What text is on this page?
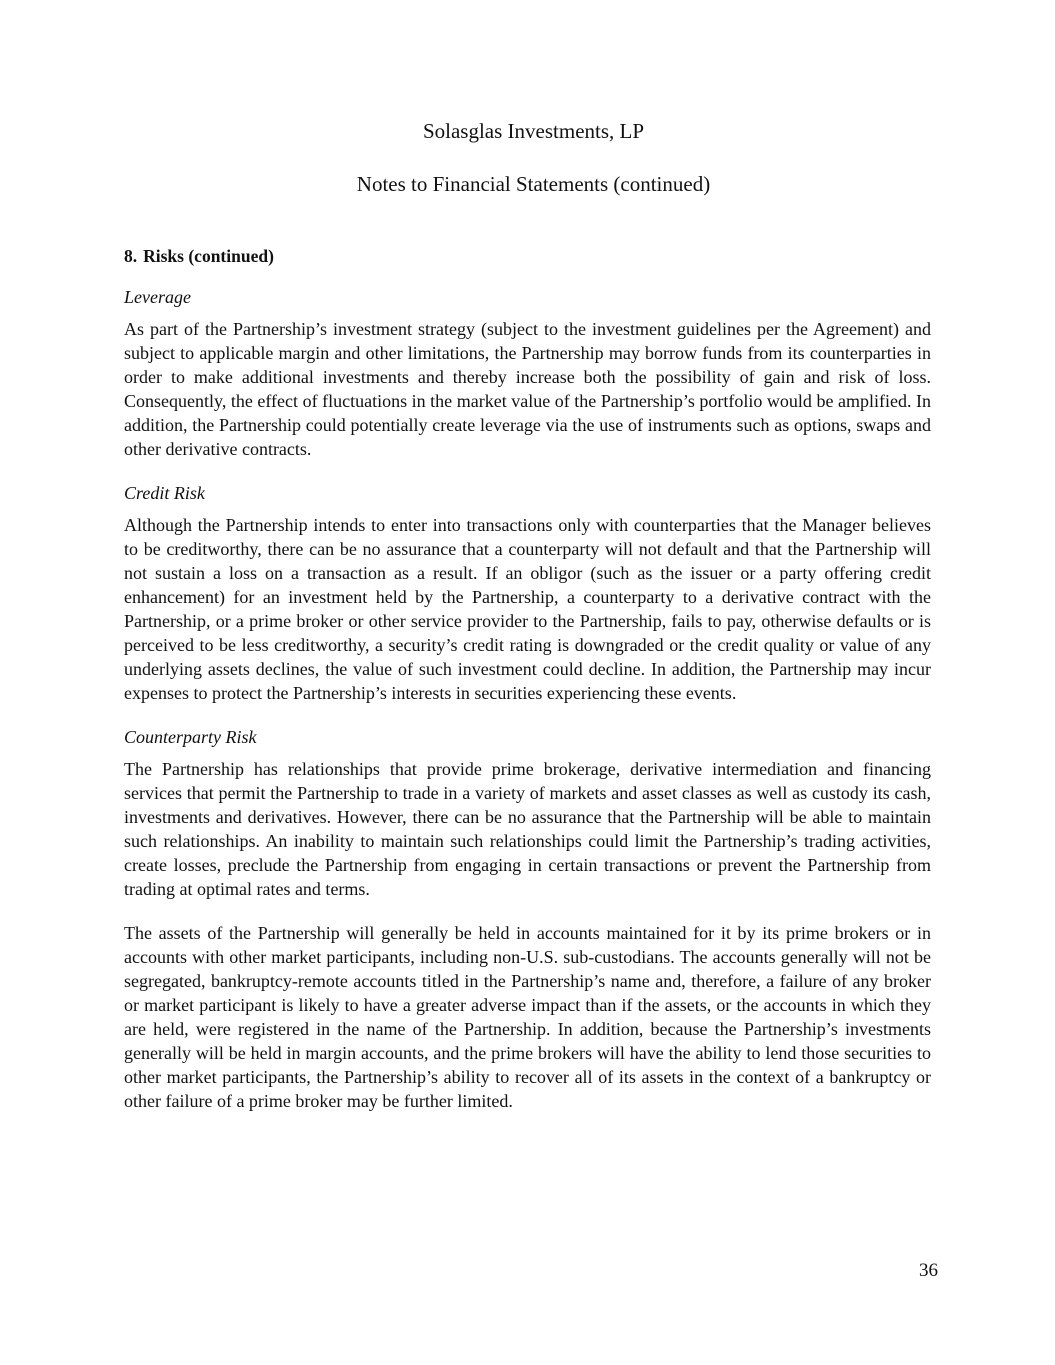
Solasglas Investments, LP
Notes to Financial Statements (continued)
8. Risks (continued)
Leverage

As part of the Partnership’s investment strategy (subject to the investment guidelines per the Agreement) and subject to applicable margin and other limitations, the Partnership may borrow funds from its counterparties in order to make additional investments and thereby increase both the possibility of gain and risk of loss. Consequently, the effect of fluctuations in the market value of the Partnership’s portfolio would be amplified. In addition, the Partnership could potentially create leverage via the use of instruments such as options, swaps and other derivative contracts.

Credit Risk

Although the Partnership intends to enter into transactions only with counterparties that the Manager believes to be creditworthy, there can be no assurance that a counterparty will not default and that the Partnership will not sustain a loss on a transaction as a result. If an obligor (such as the issuer or a party offering credit enhancement) for an investment held by the Partnership, a counterparty to a derivative contract with the Partnership, or a prime broker or other service provider to the Partnership, fails to pay, otherwise defaults or is perceived to be less creditworthy, a security’s credit rating is downgraded or the credit quality or value of any underlying assets declines, the value of such investment could decline. In addition, the Partnership may incur expenses to protect the Partnership’s interests in securities experiencing these events.

Counterparty Risk

The Partnership has relationships that provide prime brokerage, derivative intermediation and financing services that permit the Partnership to trade in a variety of markets and asset classes as well as custody its cash, investments and derivatives. However, there can be no assurance that the Partnership will be able to maintain such relationships. An inability to maintain such relationships could limit the Partnership’s trading activities, create losses, preclude the Partnership from engaging in certain transactions or prevent the Partnership from trading at optimal rates and terms.

The assets of the Partnership will generally be held in accounts maintained for it by its prime brokers or in accounts with other market participants, including non-U.S. sub-custodians. The accounts generally will not be segregated, bankruptcy-remote accounts titled in the Partnership’s name and, therefore, a failure of any broker or market participant is likely to have a greater adverse impact than if the assets, or the accounts in which they are held, were registered in the name of the Partnership. In addition, because the Partnership’s investments generally will be held in margin accounts, and the prime brokers will have the ability to lend those securities to other market participants, the Partnership’s ability to recover all of its assets in the context of a bankruptcy or other failure of a prime broker may be further limited.

36
